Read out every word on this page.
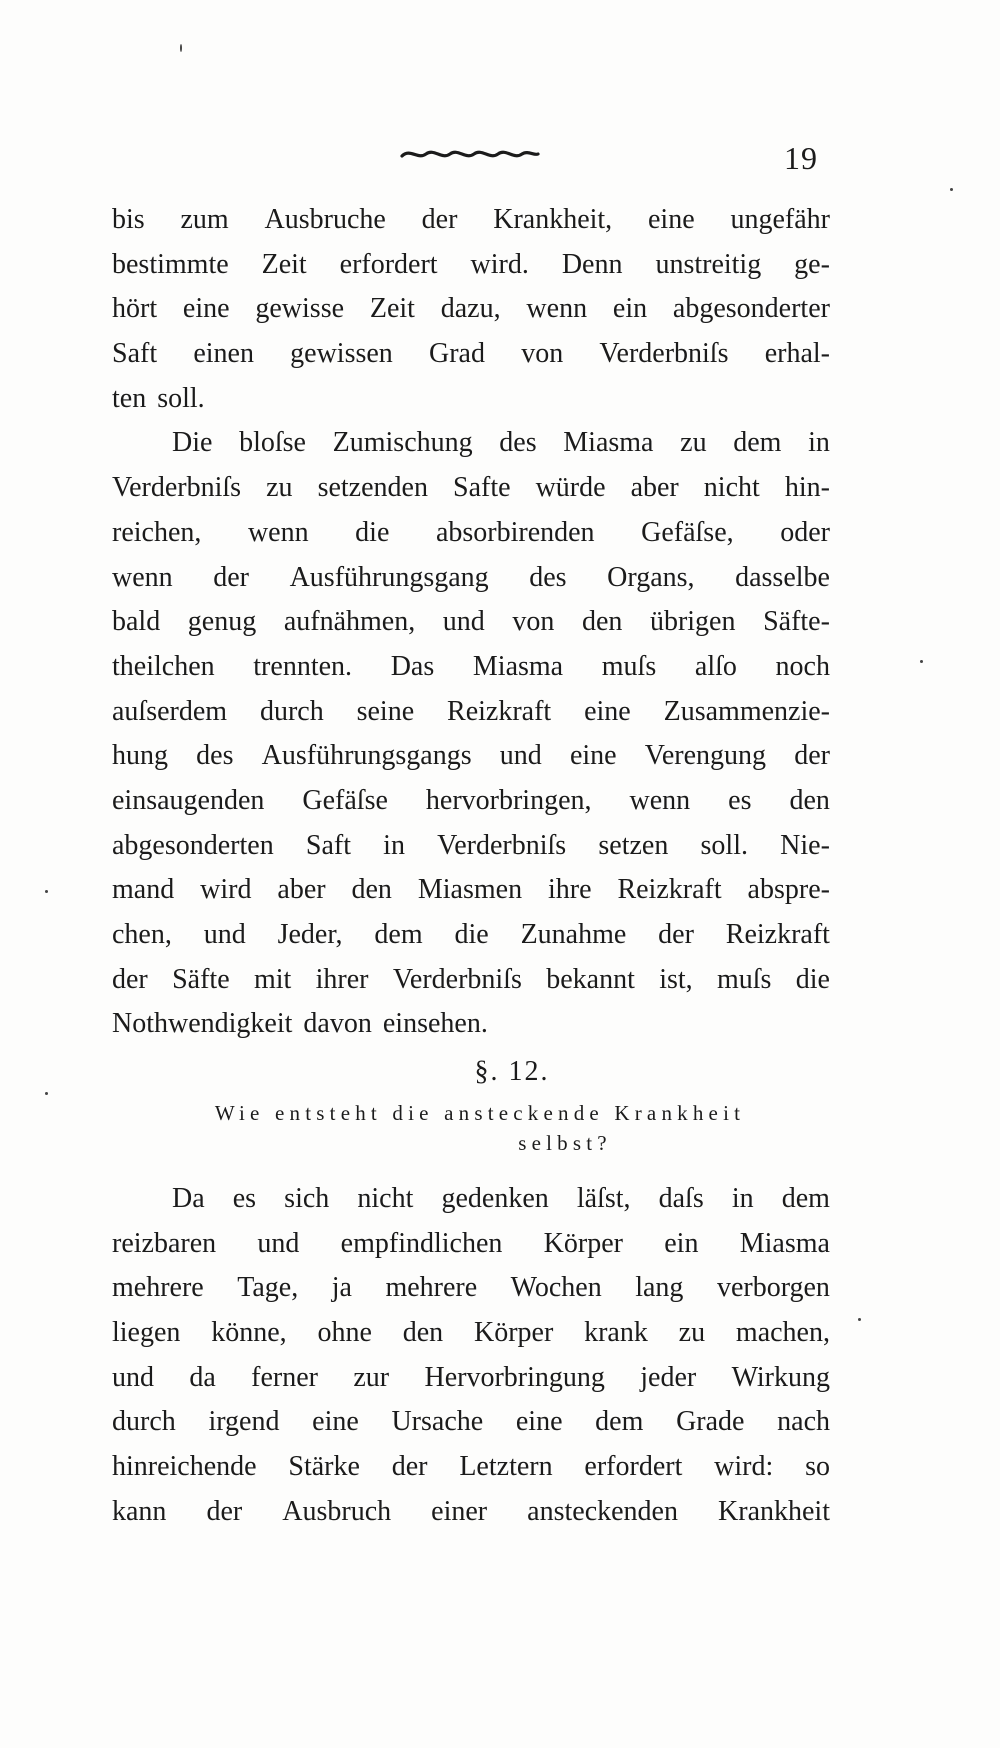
19
bis zum Ausbruche der Krankheit, eine ungefähr
bestimmte Zeit erfordert wird. Denn unstreitig ge-
hört eine gewisse Zeit dazu, wenn ein abgesonderter
Saft einen gewissen Grad von Verderbniſs erhal-
ten soll.
Die bloſse Zumischung des Miasma zu dem in
Verderbniſs zu setzenden Safte würde aber nicht hin-
reichen, wenn die absorbirenden Gefäſse, oder
wenn der Ausführungsgang des Organs, dasselbe
bald genug aufnähmen, und von den übrigen Säfte-
theilchen trennten. Das Miasma muſs alſo noch
auſserdem durch seine Reizkraft eine Zusammenzie-
hung des Ausführungsgangs und eine Verengung der
einsaugenden Gefäſse hervorbringen, wenn es den
abgesonderten Saft in Verderbniſs setzen soll. Nie-
mand wird aber den Miasmen ihre Reizkraft abspre-
chen, und Jeder, dem die Zunahme der Reizkraft
der Säfte mit ihrer Verderbniſs bekannt ist, muſs die
Nothwendigkeit davon einsehen.
§. 12.
Wie entsteht die ansteckende Krankheit
selbst?
Da es sich nicht gedenken läſst, daſs in dem
reizbaren und empfindlichen Körper ein Miasma
mehrere Tage, ja mehrere Wochen lang verborgen
liegen könne, ohne den Körper krank zu machen,
und da ferner zur Hervorbringung jeder Wirkung
durch irgend eine Ursache eine dem Grade nach
hinreichende Stärke der Letztern erfordert wird: so
kann der Ausbruch einer ansteckenden Krankheit
